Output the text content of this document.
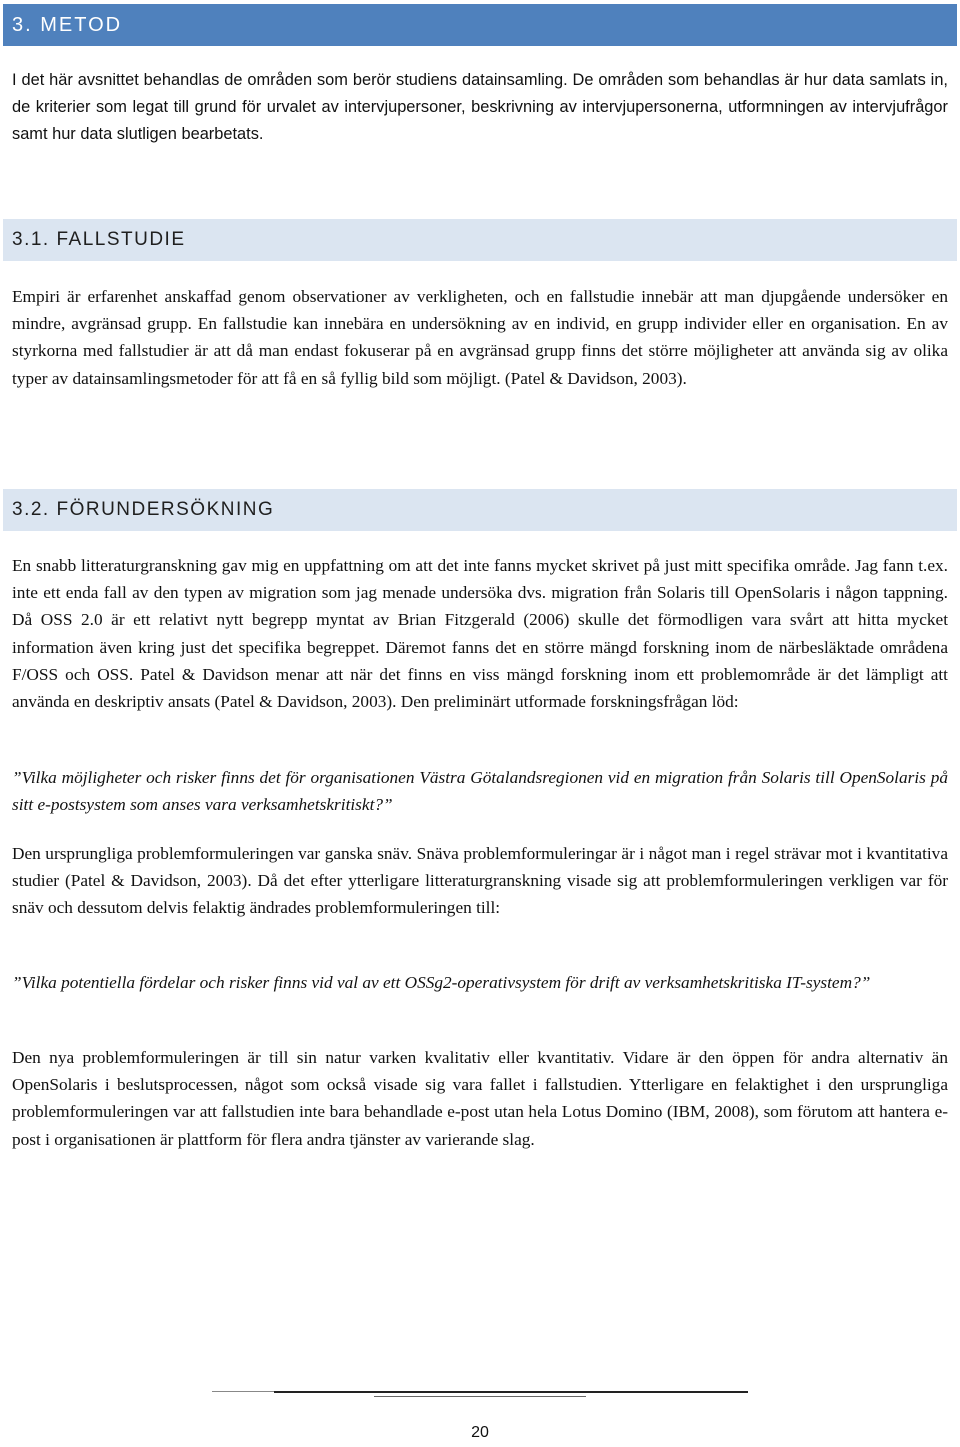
3. METOD

I det här avsnittet behandlas de områden som berör studiens datainsamling. De områden som behandlas är hur data samlats in, de kriterier som legat till grund för urvalet av intervjupersoner, beskrivning av intervjupersonerna, utformningen av intervjufrågor samt hur data slutligen bearbetats.

3.1. FALLSTUDIE

Empiri är erfarenhet anskaffad genom observationer av verkligheten, och en fallstudie innebär att man djupgående undersöker en mindre, avgränsad grupp. En fallstudie kan innebära en undersökning av en individ, en grupp individer eller en organisation. En av styrkorna med fallstudier är att då man endast fokuserar på en avgränsad grupp finns det större möjligheter att använda sig av olika typer av datainsamlingsmetoder för att få en så fyllig bild som möjligt. (Patel & Davidson, 2003).

3.2. FÖRUNDERSÖKNING

En snabb litteraturgranskning gav mig en uppfattning om att det inte fanns mycket skrivet på just mitt specifika område. Jag fann t.ex. inte ett enda fall av den typen av migration som jag menade undersöka dvs. migration från Solaris till OpenSolaris i någon tappning. Då OSS 2.0 är ett relativt nytt begrepp myntat av Brian Fitzgerald (2006) skulle det förmodligen vara svårt att hitta mycket information även kring just det specifika begreppet. Däremot fanns det en större mängd forskning inom de närbesläktade områdena F/OSS och OSS. Patel & Davidson menar att när det finns en viss mängd forskning inom ett problemområde är det lämpligt att använda en deskriptiv ansats (Patel & Davidson, 2003). Den preliminärt utformade forskningsfrågan löd:

”Vilka möjligheter och risker finns det för organisationen Västra Götalandsregionen vid en migration från Solaris till OpenSolaris på sitt e-postsystem som anses vara verksamhetskritiskt?”

Den ursprungliga problemformuleringen var ganska snäv. Snäva problemformuleringar är i något man i regel strävar mot i kvantitativa studier (Patel & Davidson, 2003). Då det efter ytterligare litteraturgranskning visade sig att problemformuleringen verkligen var för snäv och dessutom delvis felaktig ändrades problemformuleringen till:

”Vilka potentiella fördelar och risker finns vid val av ett OSSg2-operativsystem för drift av verksamhetskritiska IT-system?”

Den nya problemformuleringen är till sin natur varken kvalitativ eller kvantitativ. Vidare är den öppen för andra alternativ än OpenSolaris i beslutsprocessen, något som också visade sig vara fallet i fallstudien. Ytterligare en felaktighet i den ursprungliga problemformuleringen var att fallstudien inte bara behandlade e-post utan hela Lotus Domino (IBM, 2008), som förutom att hantera e-post i organisationen är plattform för flera andra tjänster av varierande slag.

20
